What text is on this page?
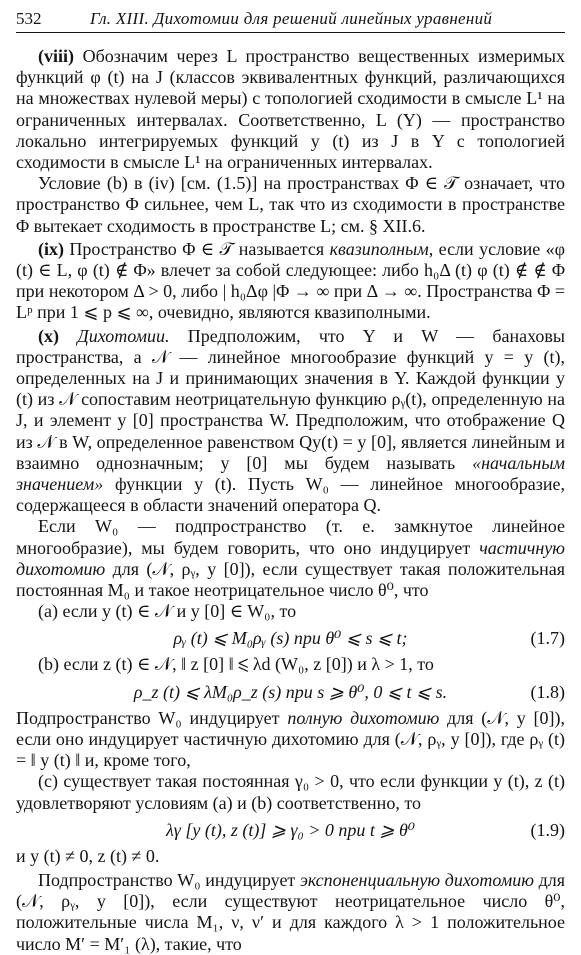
532	Гл. XIII. Дихотомии для решений линейных уравнений

(viii) Обозначим через L пространство вещественных измеримых функций φ (t) на J (классов эквивалентных функций, различающихся на множествах нулевой меры) с топологией сходимости в смысле L¹ на ограниченных интервалах. Соответственно, L (Y) — пространство локально интегрируемых функций y (t) из J в Y с топологией сходимости в смысле L¹ на ограниченных интервалах.

Условие (b) в (iv) [см. (1.5)] на пространствах Φ ∈ 𝒯 означает, что пространство Φ сильнее, чем L, так что из сходимости в пространстве Φ вытекает сходимость в пространстве L; см. § XII.6.

(ix) Пространство Φ ∈ 𝒯 называется квазиполным, если условие «φ (t) ∈ L, φ (t) ∉ Φ» влечет за собой следующее: либо h₀Δ (t) φ (t) ∉ ∉ Φ при некотором Δ > 0, либо | h₀Δφ |Φ → ∞ при Δ → ∞. Пространства Φ = Lᵖ при 1 ⩽ p ⩽ ∞, очевидно, являются квазиполными.

(x) Дихотомии. Предположим, что Y и W — банаховы пространства, а 𝒩 — линейное многообразие функций y = y (t), определенных на J и принимающих значения в Y. Каждой функции y (t) из 𝒩 сопоставим неотрицательную функцию ρᵧ(t), определенную на J, и элемент y [0] пространства W. Предположим, что отображение Q из 𝒩 в W, определенное равенством Qy(t) = y [0], является линейным и взаимно однозначным; y [0] мы будем называть «начальным значением» функции y (t). Пусть W₀ — линейное многообразие, содержащееся в области значений оператора Q.

Если W₀ — подпространство (т. е. замкнутое линейное многообразие), мы будем говорить, что оно индуцирует частичную дихотомию для (𝒩, ρᵧ, y [0]), если существует такая положительная постоянная M₀ и такое неотрицательное число θ⁰, что

(a) если y (t) ∈ 𝒩 и y [0] ∈ W₀, то
ρᵧ (t) ⩽ M₀ρᵧ (s) при θ⁰ ⩽ s ⩽ t;	(1.7)
(b) если z (t) ∈ 𝒩, ‖ z [0] ‖ ⩽ λd (W₀, z [0]) и λ > 1, то
ρ_z (t) ⩽ λM₀ρ_z (s) при s ⩾ θ⁰, 0 ⩽ t ⩽ s.	(1.8)

Подпространство W₀ индуцирует полную дихотомию для (𝒩, y [0]), если оно индуцирует частичную дихотомию для (𝒩, ρᵧ, y [0]), где ρᵧ (t) = ‖ y (t) ‖ и, кроме того,

(c) существует такая постоянная γ₀ > 0, что если функции y (t), z (t) удовлетворяют условиям (a) и (b) соответственно, то

λγ [y (t), z (t)] ⩾ γ₀ > 0 при t ⩾ θ⁰	(1.9)
и y (t) ≠ 0, z (t) ≠ 0.

Подпространство W₀ индуцирует экспоненциальную дихотомию для (𝒩, ρᵧ, y [0]), если существуют неотрицательное число θ⁰, положительные числа M₁, ν, ν′ и для каждого λ > 1 положительное число M′ = M′₁ (λ), такие, что
